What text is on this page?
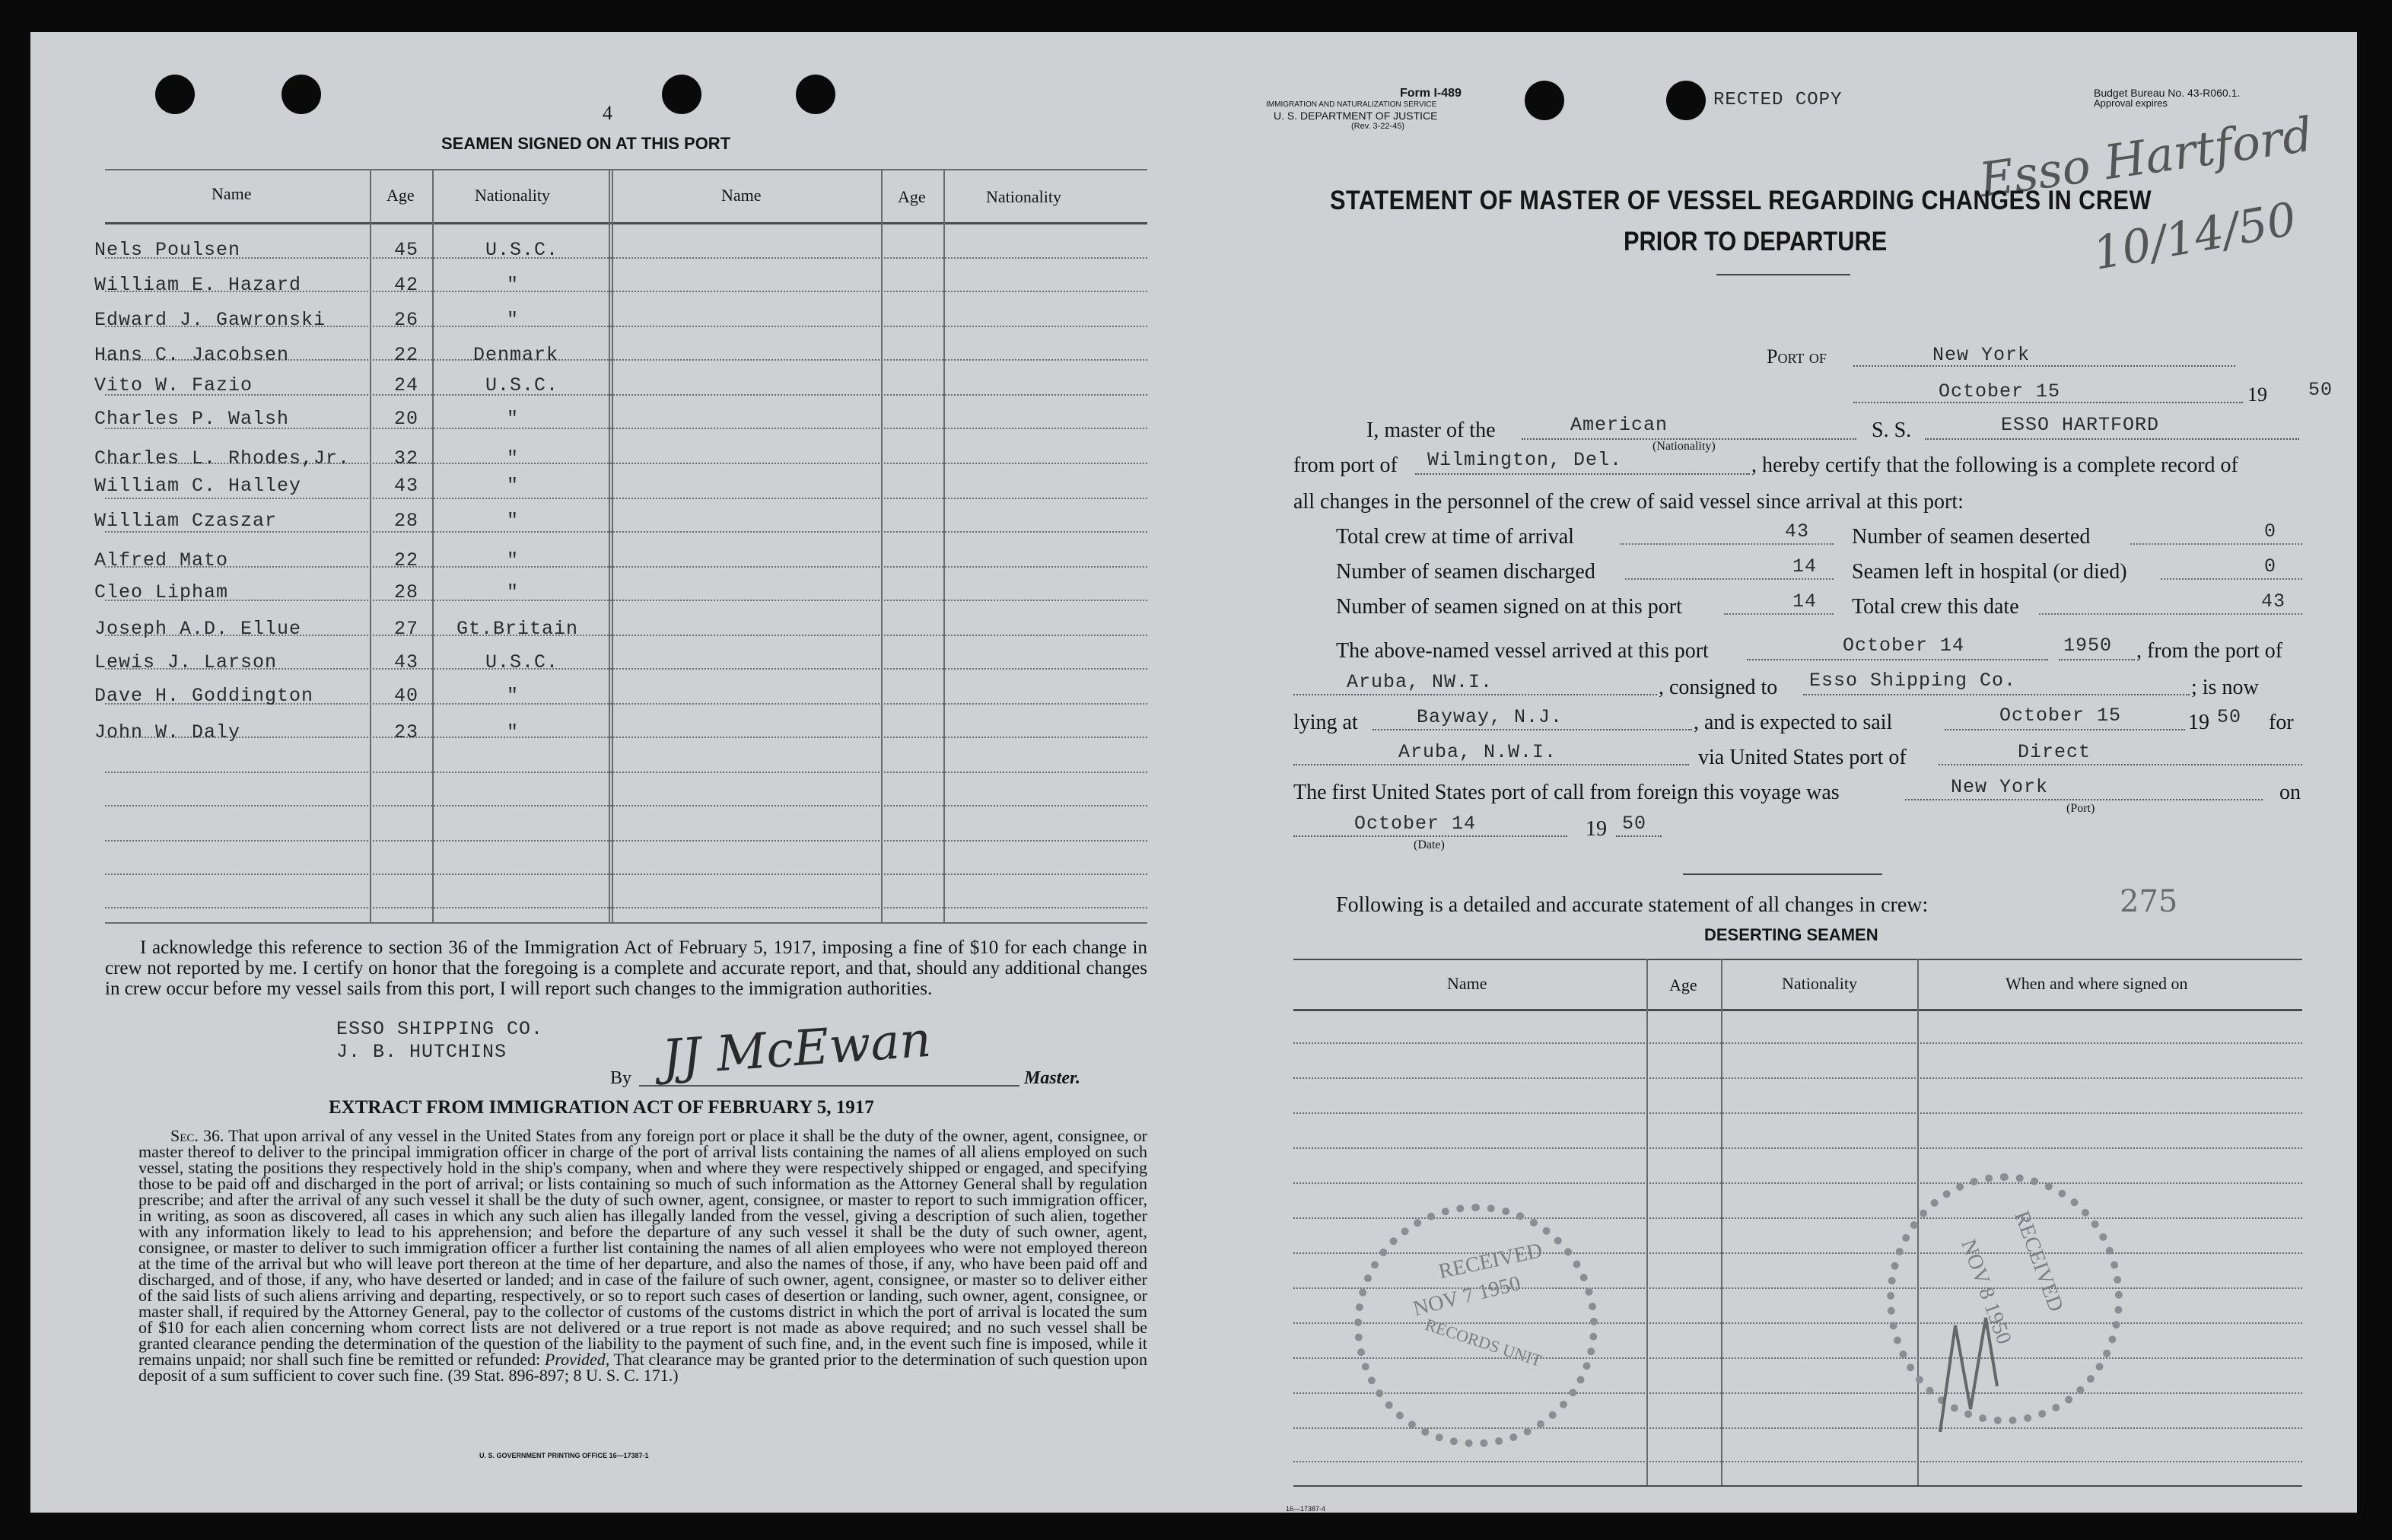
4
SEAMEN SIGNED ON AT THIS PORT
Name	Age	Nationality	Name	Age	Nationality
Nels Poulsen	45	U.S.C.
William E. Hazard	42	"
Edward J. Gawronski	26	"
Hans C. Jacobsen	22	Denmark
Vito W. Fazio	24	U.S.C.
Charles P. Walsh	20	"
Charles L. Rhodes,Jr. 32	"
William C. Halley	43	"
William Czaszar	28	"
Alfred Mato	22	"
Cleo Lipham	28	"
Joseph A.D. Ellue	27 Gt.Britain
Lewis J. Larson	43	U.S.C.
Dave H. Goddington	40	"
John W. Daly	23	"
I acknowledge this reference to section 36 of the Immigration Act of February 5, 1917, imposing a fine of $10 for each change in crew not reported by me. I certify on honor that the foregoing is a complete and accurate report, and that, should any additional changes in crew occur before my vessel sails from this port, I will report such changes to the immigration authorities.
ESSO SHIPPING CO.
J. B. HUTCHINS
By JJ McEwan	Master.
EXTRACT FROM IMMIGRATION ACT OF FEBRUARY 5, 1917
Sec. 36. That upon arrival of any vessel in the United States from any foreign port or place it shall be the duty of the owner, agent, consignee, or master thereof to deliver to the principal immigration officer in charge of the port of arrival lists containing the names of all aliens employed on such vessel, stating the positions they respectively hold in the ship's company, when and where they were respectively shipped or engaged, and specifying those to be paid off and discharged in the port of arrival; or lists containing so much of such information as the Attorney General shall by regulation prescribe; and after the arrival of any such vessel it shall be the duty of such owner, agent, consignee, or master to report to such immigration officer, in writing, as soon as discovered, all cases in which any such alien has illegally landed from the vessel, giving a description of such alien, together with any information likely to lead to his apprehension; and before the departure of any such vessel it shall be the duty of such owner, agent, consignee, or master to deliver to such immigration officer a further list containing the names of all alien employees who were not employed thereon at the time of the arrival but who will leave port thereon at the time of her departure, and also the names of those, if any, who have been paid off and discharged, and of those, if any, who have deserted or landed; and in case of the failure of such owner, agent, consignee, or master so to deliver either of the said lists of such aliens arriving and departing, respectively, or so to report such cases of desertion or landing, such owner, agent, consignee, or master shall, if required by the Attorney General, pay to the collector of customs of the customs district in which the port of arrival is located the sum of $10 for each alien concerning whom correct lists are not delivered or a true report is not made as above required; and no such vessel shall be granted clearance pending the determination of the question of the liability to the payment of such fine, and, in the event such fine is imposed, while it remains unpaid; nor shall such fine be remitted or refunded: Provided, That clearance may be granted prior to the determination of such question upon deposit of a sum sufficient to cover such fine. (39 Stat. 896-897; 8 U. S. C. 171.)
U. S. GOVERNMENT PRINTING OFFICE 16—17387-1
Form I-489
IMMIGRATION AND NATURALIZATION SERVICE
U. S. DEPARTMENT OF JUSTICE
(Rev. 3-22-45)
RECTED COPY	Budget Bureau No. 43-R060.1.
Approval expires
Esso Hartford
10/14/50
STATEMENT OF MASTER OF VESSEL REGARDING CHANGES IN CREW
PRIOR TO DEPARTURE
Port of	New York
October 15	19 50
I, master of the	American
(Nationality)
S. S.	ESSO HARTFORD
from port of Wilmington, Del.	, hereby certify that the following is a complete record of
all changes in the personnel of the crew of said vessel since arrival at this port:
Total crew at time of arrival	43 Number of seamen deserted	0
Number of seamen discharged	14 Seamen left in hospital (or died)	0
Number of seamen signed on at this port	14 Total crew this date	43
The above-named vessel arrived at this port	October 14	1950 , from the port of
Aruba, NW.I.	, consigned to Esso Shipping Co.	; is now
lying at	Bayway, N.J.	, and is expected to sail	October 15	19 50 for
Aruba, N.W.I.	via United States port of	Direct
The first United States port of call from foreign this voyage was	New York
(Port)
on
October 14
(Date)
19 50
Following is a detailed and accurate statement of all changes in crew:	275
DESERTING SEAMEN
Name	Age	Nationality	When and where signed on
RECEIVED
NOV 7 1950
RECORDS UNIT
RECEIVED
NOV 8 1950
16—17387-4
